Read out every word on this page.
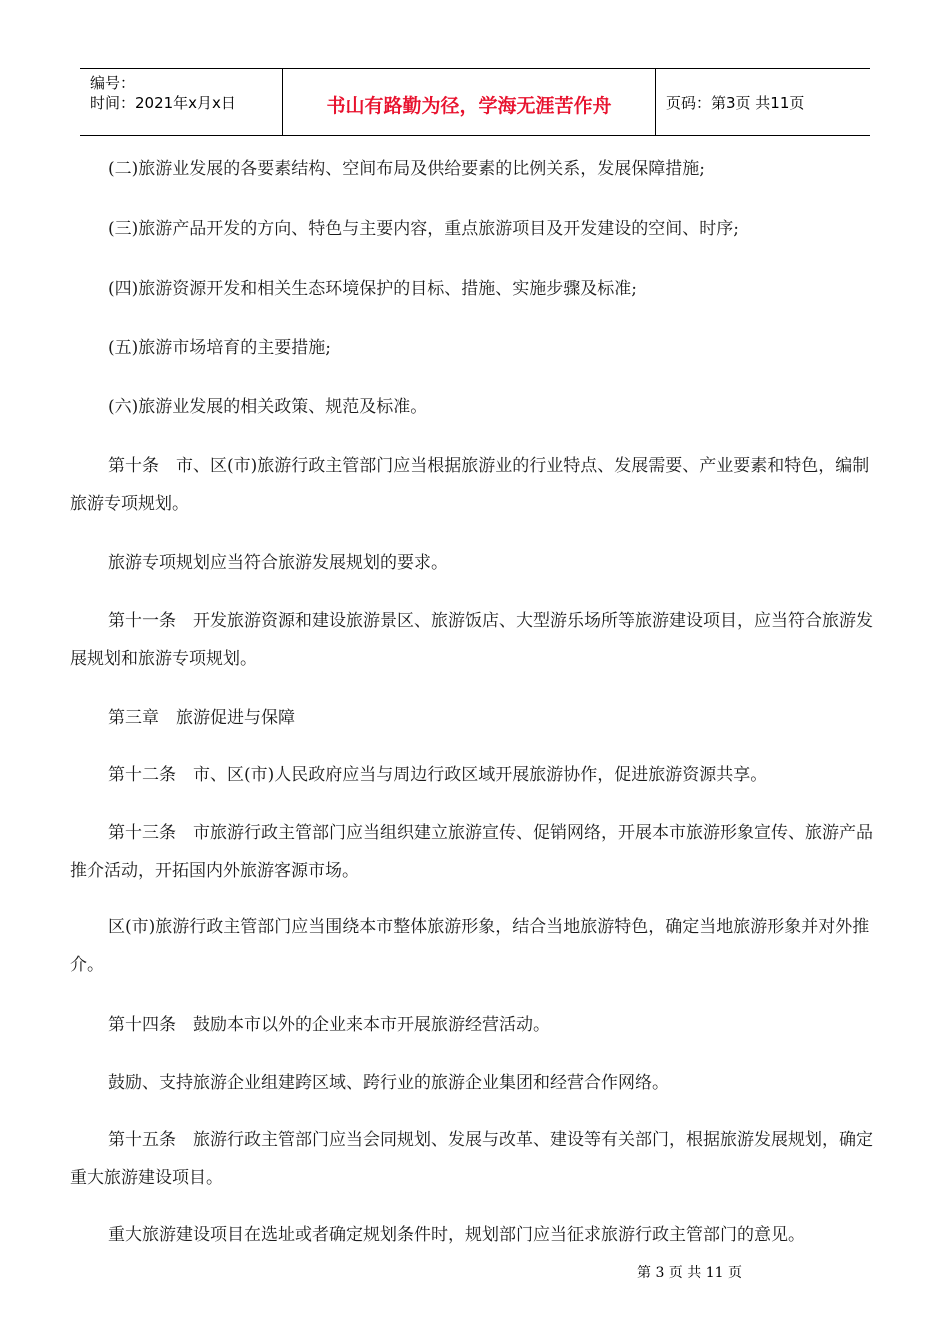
编号：
时间：2021年x月x日	书山有路勤为径，学海无涯苦作舟	页码：第3页 共11页

(二)旅游业发展的各要素结构、空间布局及供给要素的比例关系，发展保障措施;

(三)旅游产品开发的方向、特色与主要内容，重点旅游项目及开发建设的空间、时序;

(四)旅游资源开发和相关生态环境保护的目标、措施、实施步骤及标准;

(五)旅游市场培育的主要措施;

(六)旅游业发展的相关政策、规范及标准。

第十条　市、区(市)旅游行政主管部门应当根据旅游业的行业特点、发展需要、产业要素和特色，编制旅游专项规划。

旅游专项规划应当符合旅游发展规划的要求。

第十一条　开发旅游资源和建设旅游景区、旅游饭店、大型游乐场所等旅游建设项目，应当符合旅游发展规划和旅游专项规划。

第三章　旅游促进与保障

第十二条　市、区(市)人民政府应当与周边行政区域开展旅游协作，促进旅游资源共享。

第十三条　市旅游行政主管部门应当组织建立旅游宣传、促销网络，开展本市旅游形象宣传、旅游产品推介活动，开拓国内外旅游客源市场。

区(市)旅游行政主管部门应当围绕本市整体旅游形象，结合当地旅游特色，确定当地旅游形象并对外推介。

第十四条　鼓励本市以外的企业来本市开展旅游经营活动。

鼓励、支持旅游企业组建跨区域、跨行业的旅游企业集团和经营合作网络。

第十五条　旅游行政主管部门应当会同规划、发展与改革、建设等有关部门，根据旅游发展规划，确定重大旅游建设项目。

重大旅游建设项目在选址或者确定规划条件时，规划部门应当征求旅游行政主管部门的意见。

第 3 页 共 11 页
